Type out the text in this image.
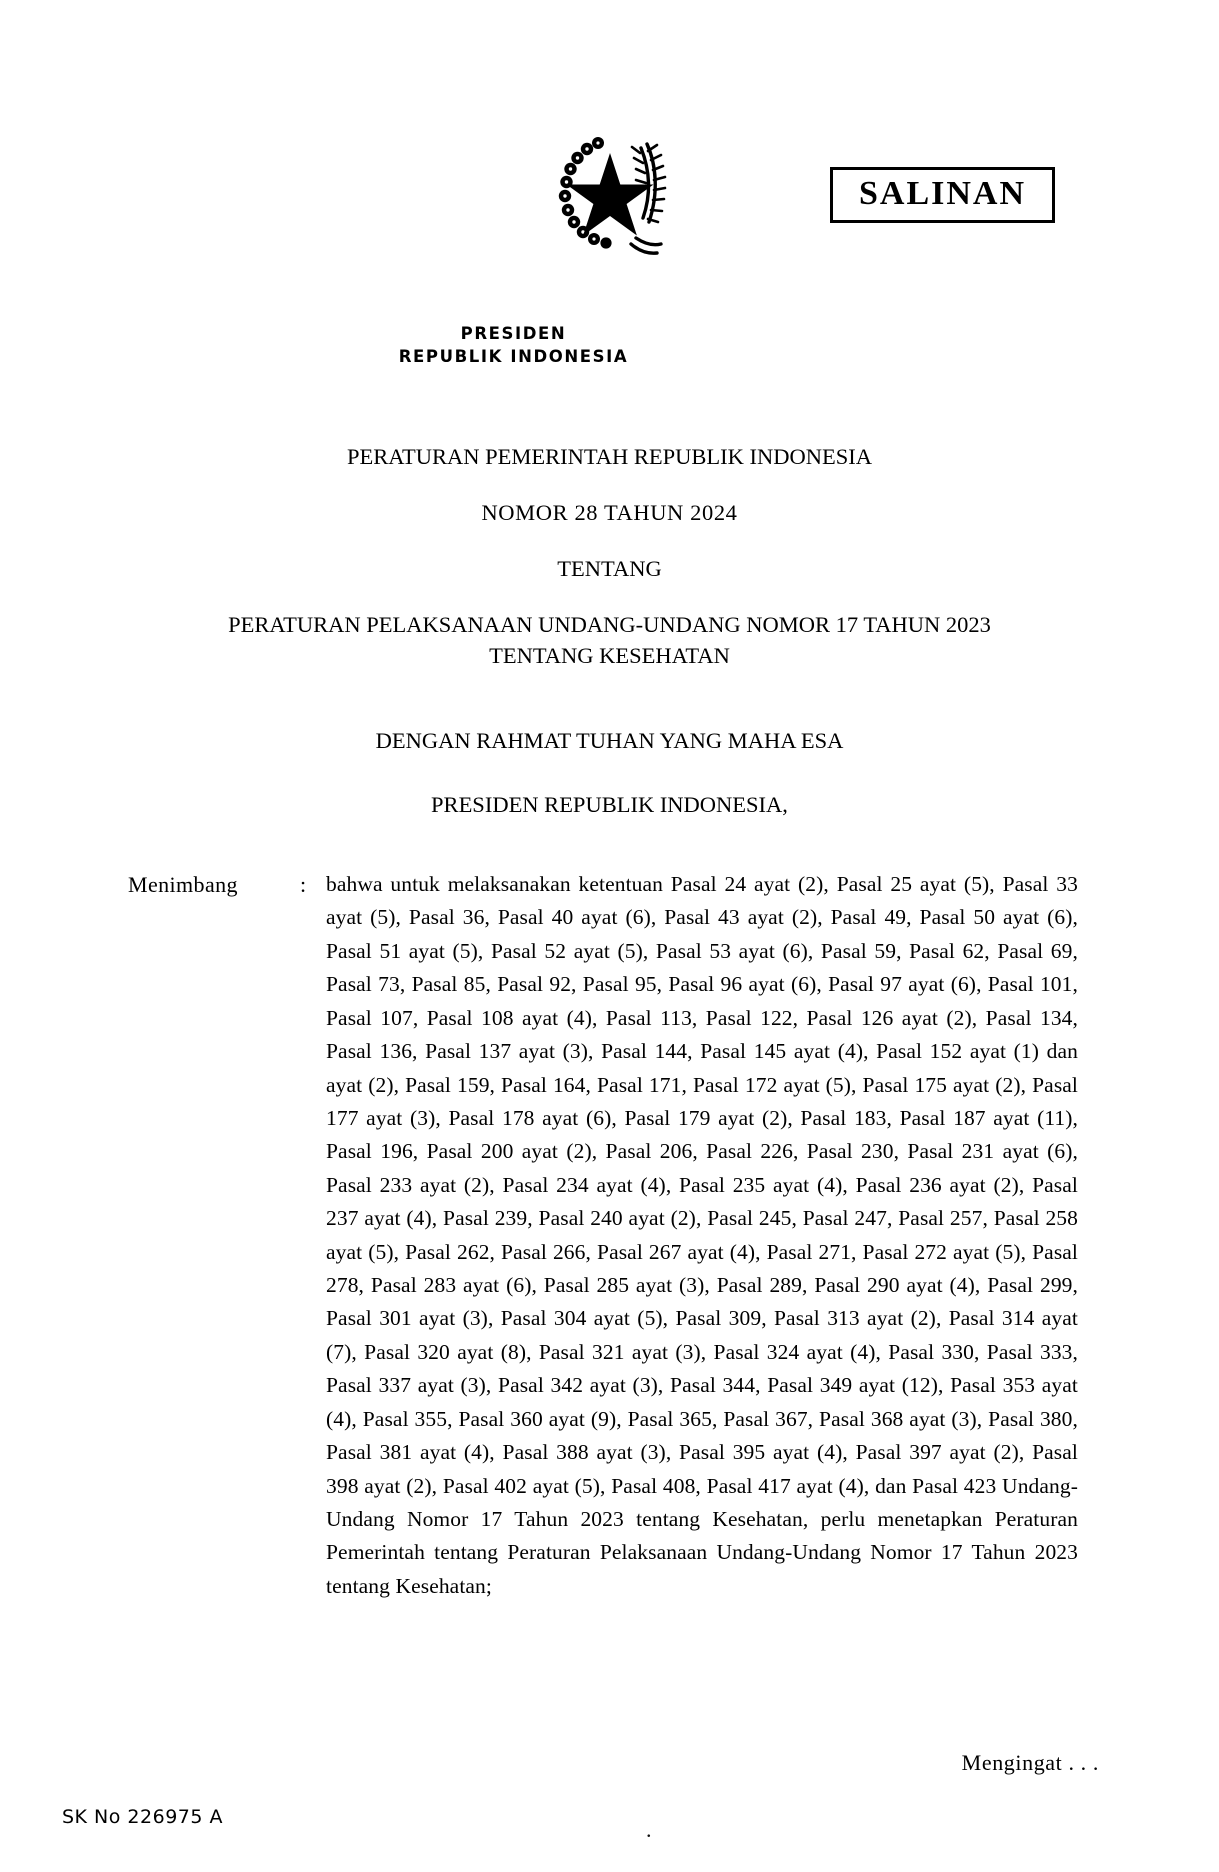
SALINAN
PRESIDEN
REPUBLIK INDONESIA
PERATURAN PEMERINTAH REPUBLIK INDONESIA
NOMOR 28 TAHUN 2024
TENTANG
PERATURAN PELAKSANAAN UNDANG-UNDANG NOMOR 17 TAHUN 2023
TENTANG KESEHATAN
DENGAN RAHMAT TUHAN YANG MAHA ESA
PRESIDEN REPUBLIK INDONESIA,
Menimbang	: bahwa untuk melaksanakan ketentuan Pasal 24 ayat (2), Pasal 25 ayat (5), Pasal 33 ayat (5), Pasal 36, Pasal 40 ayat (6), Pasal 43 ayat (2), Pasal 49, Pasal 50 ayat (6), Pasal 51 ayat (5), Pasal 52 ayat (5), Pasal 53 ayat (6), Pasal 59, Pasal 62, Pasal 69, Pasal 73, Pasal 85, Pasal 92, Pasal 95, Pasal 96 ayat (6), Pasal 97 ayat (6), Pasal 101, Pasal 107, Pasal 108 ayat (4), Pasal 113, Pasal 122, Pasal 126 ayat (2), Pasal 134, Pasal 136, Pasal 137 ayat (3), Pasal 144, Pasal 145 ayat (4), Pasal 152 ayat (1) dan ayat (2), Pasal 159, Pasal 164, Pasal 171, Pasal 172 ayat (5), Pasal 175 ayat (2), Pasal 177 ayat (3), Pasal 178 ayat (6), Pasal 179 ayat (2), Pasal 183, Pasal 187 ayat (11), Pasal 196, Pasal 200 ayat (2), Pasal 206, Pasal 226, Pasal 230, Pasal 231 ayat (6), Pasal 233 ayat (2), Pasal 234 ayat (4), Pasal 235 ayat (4), Pasal 236 ayat (2), Pasal 237 ayat (4), Pasal 239, Pasal 240 ayat (2), Pasal 245, Pasal 247, Pasal 257, Pasal 258 ayat (5), Pasal 262, Pasal 266, Pasal 267 ayat (4), Pasal 271, Pasal 272 ayat (5), Pasal 278, Pasal 283 ayat (6), Pasal 285 ayat (3), Pasal 289, Pasal 290 ayat (4), Pasal 299, Pasal 301 ayat (3), Pasal 304 ayat (5), Pasal 309, Pasal 313 ayat (2), Pasal 314 ayat (7), Pasal 320 ayat (8), Pasal 321 ayat (3), Pasal 324 ayat (4), Pasal 330, Pasal 333, Pasal 337 ayat (3), Pasal 342 ayat (3), Pasal 344, Pasal 349 ayat (12), Pasal 353 ayat (4), Pasal 355, Pasal 360 ayat (9), Pasal 365, Pasal 367, Pasal 368 ayat (3), Pasal 380, Pasal 381 ayat (4), Pasal 388 ayat (3), Pasal 395 ayat (4), Pasal 397 ayat (2), Pasal 398 ayat (2), Pasal 402 ayat (5), Pasal 408, Pasal 417 ayat (4), dan Pasal 423 Undang-Undang Nomor 17 Tahun 2023 tentang Kesehatan, perlu menetapkan Peraturan Pemerintah tentang Peraturan Pelaksanaan Undang-Undang Nomor 17 Tahun 2023 tentang Kesehatan;

Mengingat . . .
SK No 226975 A	.
